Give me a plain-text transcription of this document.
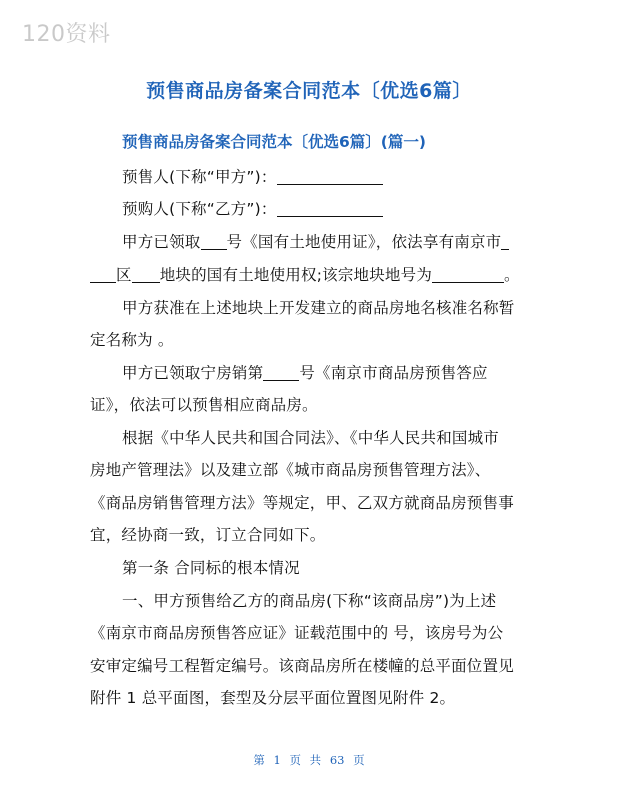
120资料
预售商品房备案合同范本〔优选6篇〕
预售商品房备案合同范本〔优选6篇〕(篇一)
预售人(下称“甲方”)：
预购人(下称“乙方”)：
甲方已领取 号《国有土地使用证》，依法享有南京市
区 地块的国有土地使用权;该宗地块地号为	。
甲方获准在上述地块上开发建立的商品房地名核准名称暂
定名称为 。
甲方已领取宁房销第 号《南京市商品房预售答应
证》，依法可以预售相应商品房。
根据《中华人民共和国合同法》、《中华人民共和国城市
房地产管理法》以及建立部《城市商品房预售管理方法》、
《商品房销售管理方法》等规定，甲、乙双方就商品房预售事
宜，经协商一致，订立合同如下。
第一条 合同标的根本情况
一、甲方预售给乙方的商品房(下称“该商品房”)为上述
《南京市商品房预售答应证》证载范围中的 号，该房号为公
安审定编号工程暂定编号。该商品房所在楼幢的总平面位置见
附件 1 总平面图，套型及分层平面位置图见附件 2。
第 1 页 共 63 页
